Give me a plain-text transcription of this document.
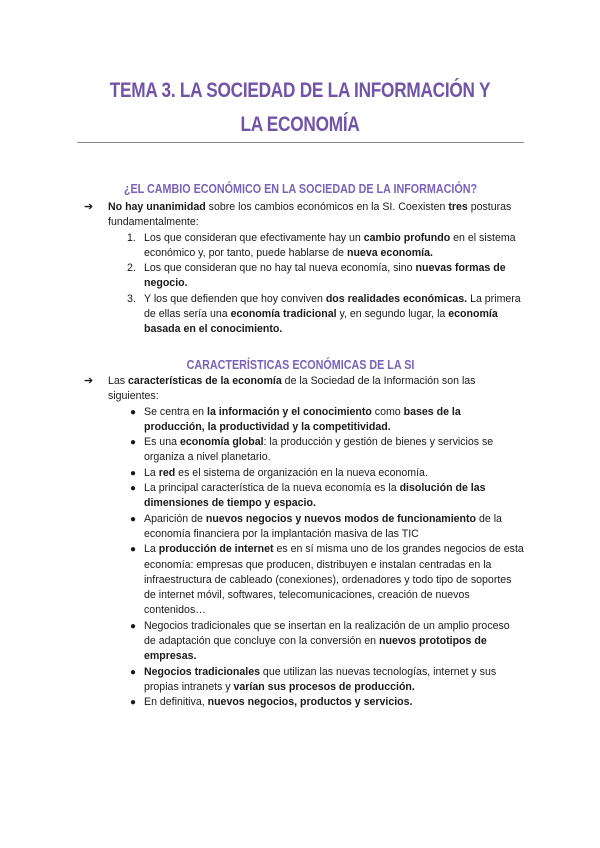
TEMA 3. LA SOCIEDAD DE LA INFORMACIÓN Y LA ECONOMÍA
¿EL CAMBIO ECONÓMICO EN LA SOCIEDAD DE LA INFORMACIÓN?
➔ No hay unanimidad sobre los cambios económicos en la SI. Coexisten tres posturas fundamentalmente:
1. Los que consideran que efectivamente hay un cambio profundo en el sistema económico y, por tanto, puede hablarse de nueva economía.
2. Los que consideran que no hay tal nueva economía, sino nuevas formas de negocio.
3. Y los que defienden que hoy conviven dos realidades económicas. La primera de ellas sería una economía tradicional y, en segundo lugar, la economía basada en el conocimiento.
CARACTERÍSTICAS ECONÓMICAS DE LA SI
➔ Las características de la economía de la Sociedad de la Información son las siguientes:
● Se centra en la información y el conocimiento como bases de la producción, la productividad y la competitividad.
● Es una economía global: la producción y gestión de bienes y servicios se organiza a nivel planetario.
● La red es el sistema de organización en la nueva economía.
● La principal característica de la nueva economía es la disolución de las dimensiones de tiempo y espacio.
● Aparición de nuevos negocios y nuevos modos de funcionamiento de la economía financiera por la implantación masiva de las TIC
● La producción de internet es en sí misma uno de los grandes negocios de esta economía: empresas que producen, distribuyen e instalan centradas en la infraestructura de cableado (conexiones), ordenadores y todo tipo de soportes de internet móvil, softwares, telecomunicaciones, creación de nuevos contenidos…
● Negocios tradicionales que se insertan en la realización de un amplio proceso de adaptación que concluye con la conversión en nuevos prototipos de empresas.
● Negocios tradicionales que utilizan las nuevas tecnologías, internet y sus propias intranets y varían sus procesos de producción.
● En definitiva, nuevos negocios, productos y servicios.
